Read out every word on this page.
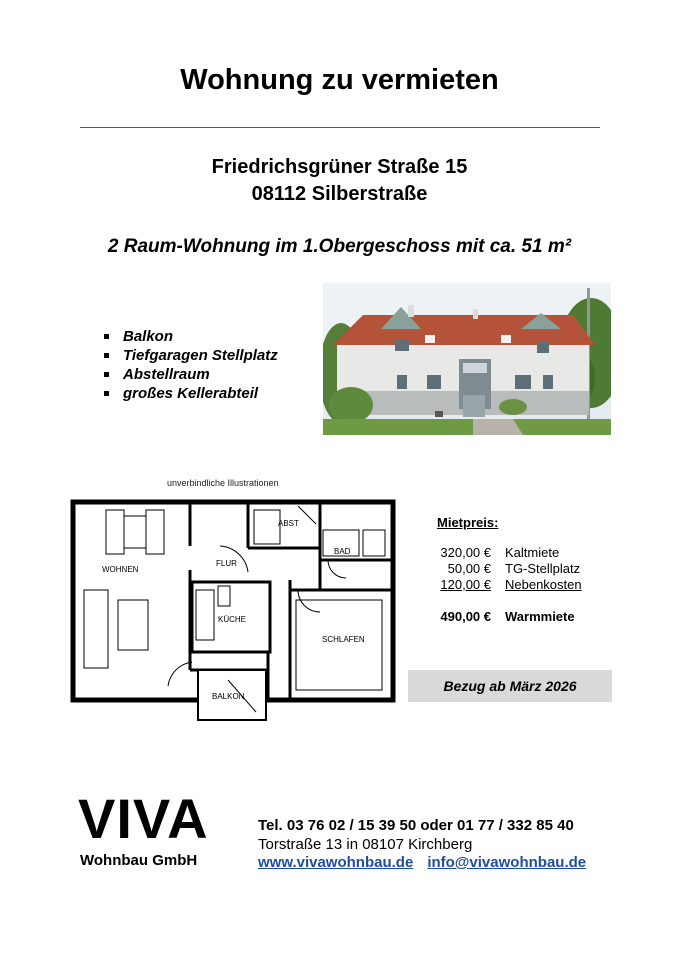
Wohnung zu vermieten
Friedrichsgrüner Straße 15
08112 Silberstraße
2 Raum-Wohnung im 1.Obergeschoss mit ca. 51 m²
Balkon
Tiefgaragen Stellplatz
Abstellraum
großes Kellerabteil
unverbindliche Illustrationen
WOHNEN
FLUR
ABST
BAD
KÜCHE
SCHLAFEN
BALKON
Mietpreis:
320,00 € Kaltmiete
50,00 € TG-Stellplatz
120,00 € Nebenkosten
490,00 € Warmmiete
Bezug ab März 2026
VIVA
Wohnbau GmbH
Tel. 03 76 02 / 15 39 50 oder 01 77 / 332 85 40
Torstraße 13 in 08107 Kirchberg
www.vivawohnbau.de info@vivawohnbau.de
